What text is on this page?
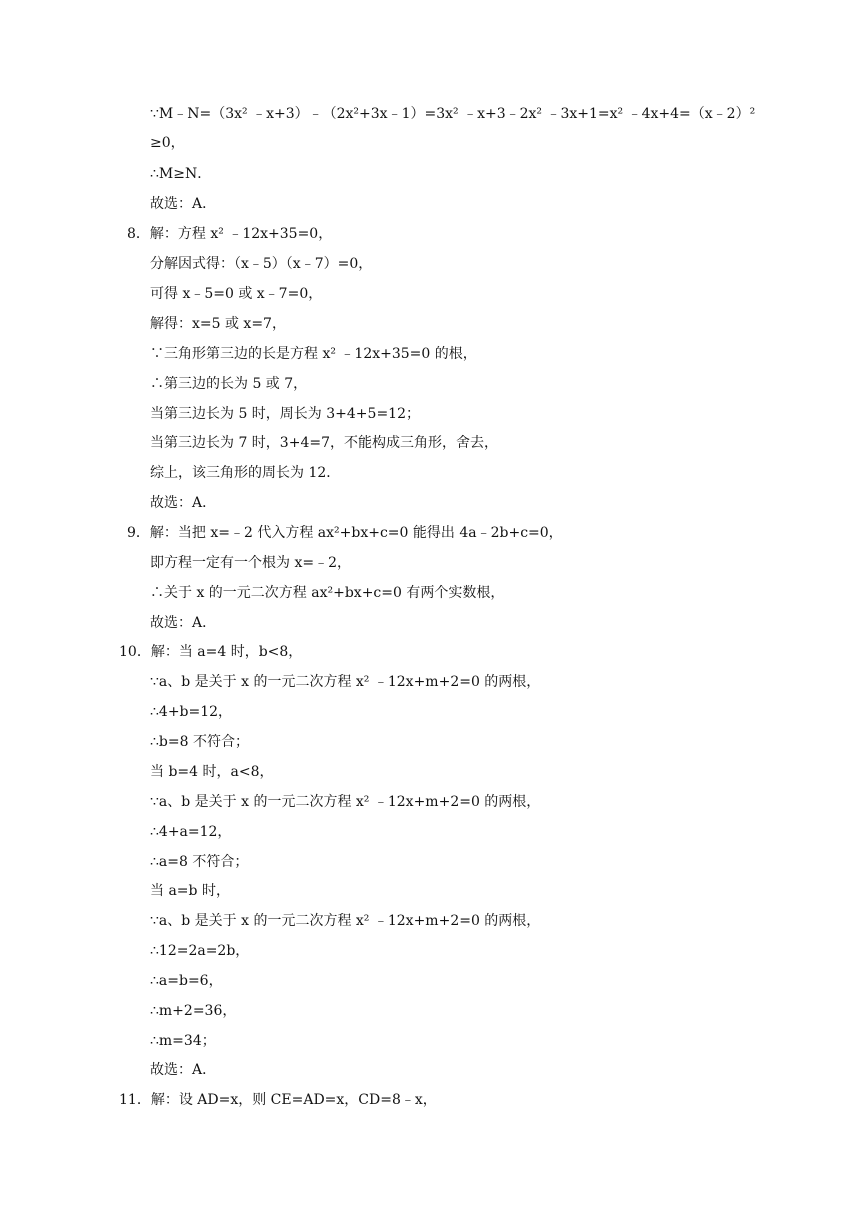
∵M﹣N=（3x² ﹣x+3）﹣（2x²+3x﹣1）=3x² ﹣x+3﹣2x² ﹣3x+1=x² ﹣4x+4=（x﹣2）²
≥0，
∴M≥N．
故选：A．
8．解：方程 x² ﹣12x+35=0，
分解因式得：（x﹣5）（x﹣7）=0，
可得 x﹣5=0 或 x﹣7=0，
解得：x=5 或 x=7，
∵三角形第三边的长是方程 x² ﹣12x+35=0 的根，
∴第三边的长为 5 或 7，
当第三边长为 5 时，周长为 3+4+5=12；
当第三边长为 7 时，3+4=7，不能构成三角形，舍去，
综上，该三角形的周长为 12．
故选：A．
9．解：当把 x=﹣2 代入方程 ax²+bx+c=0 能得出 4a﹣2b+c=0，
即方程一定有一个根为 x=﹣2，
∴关于 x 的一元二次方程 ax²+bx+c=0 有两个实数根，
故选：A．
10．解：当 a=4 时，b<8，
∵a、b 是关于 x 的一元二次方程 x² ﹣12x+m+2=0 的两根，
∴4+b=12，
∴b=8 不符合；
当 b=4 时，a<8，
∵a、b 是关于 x 的一元二次方程 x² ﹣12x+m+2=0 的两根，
∴4+a=12，
∴a=8 不符合；
当 a=b 时，
∵a、b 是关于 x 的一元二次方程 x² ﹣12x+m+2=0 的两根，
∴12=2a=2b，
∴a=b=6，
∴m+2=36，
∴m=34；
故选：A．
11．解：设 AD=x，则 CE=AD=x，CD=8﹣x，
